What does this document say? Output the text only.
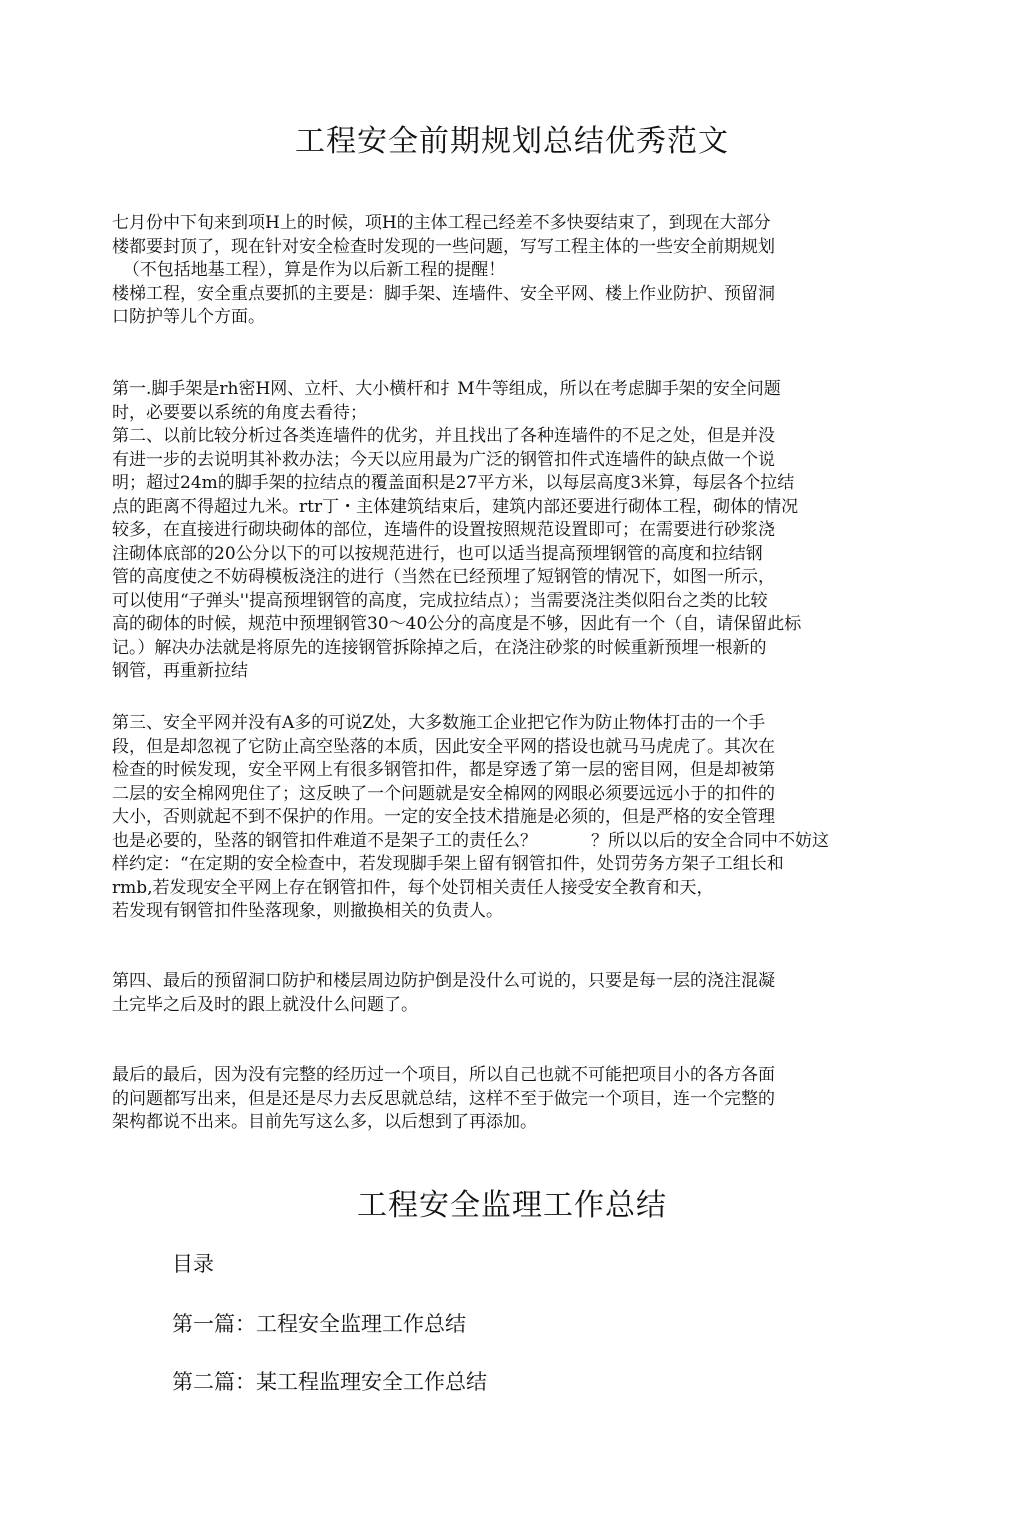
工程安全前期规划总结优秀范文
七月份中下旬来到项H上的时候，项H的主体工程己经差不多快耍结束了，到现在大部分
楼都要封顶了，现在针对安全检查时发现的一些问题，写写工程主体的一些安全前期规划
（不包括地基工程），算是作为以后新工程的提醒！
楼梯工程，安全重点要抓的主要是：脚手架、连墙件、安全平网、楼上作业防护、预留洞
口防护等儿个方面。
第一.脚手架是rh密H网、立杆、大小横杆和扌M牛等组成，所以在考虑脚手架的安全问题
时，必要要以系统的角度去看待；
第二、以前比较分析过各类连墙件的优劣，并且找出了各种连墙件的不足之处，但是并没
有进一步的去说明其补救办法；今天以应用最为广泛的钢管扣件式连墙件的缺点做一个说
明；超过24m的脚手架的拉结点的覆盖面积是27平方米，以每层高度3米算，每层各个拉结
点的距离不得超过九米。rtr丁・主体建筑结束后，建筑内部还要进行砌体工程，砌体的情况
较多，在直接进行砌块砌体的部位，连墙件的设置按照规范设置即可；在需要进行砂浆浇
注砌体底部的20公分以下的可以按规范进行，也可以适当提高预埋钢管的高度和拉结钢
管的高度使之不妨碍模板浇注的进行（当然在已经预埋了短钢管的情况下，如图一所示，
可以使用“子弹头''提高预埋钢管的高度，完成拉结点）；当需要浇注类似阳台之类的比较
高的砌体的时候，规范中预埋钢管30〜40公分的高度是不够，因此有一个（自，请保留此标
记。）解决办法就是将原先的连接钢管拆除掉之后，在浇注砂浆的时候重新预埋一根新的
钢管，再重新拉结
第三、安全平网并没有A多的可说Z处，大多数施工企业把它作为防止物体打击的一个手
段，但是却忽视了它防止高空坠落的本质，因此安全平网的搭设也就马马虎虎了。其次在
检查的时候发现，安全平网上有很多钢管扣件，都是穿透了第一层的密目网，但是却被第
二层的安全棉网兜住了；这反映了一个问题就是安全棉网的网眼必须要远远小于的扣件的
大小，否则就起不到不保护的作用。一定的安全技术措施是必须的，但是严格的安全管理
也是必要的，坠落的钢管扣件难道不是架子工的责任么？          ？所以以后的安全合同中不妨这
样约定：“在定期的安全检查中，若发现脚手架上留有钢管扣件，处罚劳务方架子工组长和
rmb,若发现安全平网上存在钢管扣件，每个处罚相关责任人接受安全教育和天，
若发现有钢管扣件坠落现象，则撤换相关的负责人。
第四、最后的预留洞口防护和楼层周边防护倒是没什么可说的，只要是每一层的浇注混凝
土完毕之后及时的跟上就没什么问题了。
最后的最后，因为没有完整的经历过一个项目，所以自己也就不可能把项目小的各方各面
的问题都写出来，但是还是尽力去反思就总结，这样不至于做完一个项目，连一个完整的
架构都说不出来。目前先写这么多，以后想到了再添加。
工程安全监理工作总结
目录
第一篇：工程安全监理工作总结
第二篇：某工程监理安全工作总结
